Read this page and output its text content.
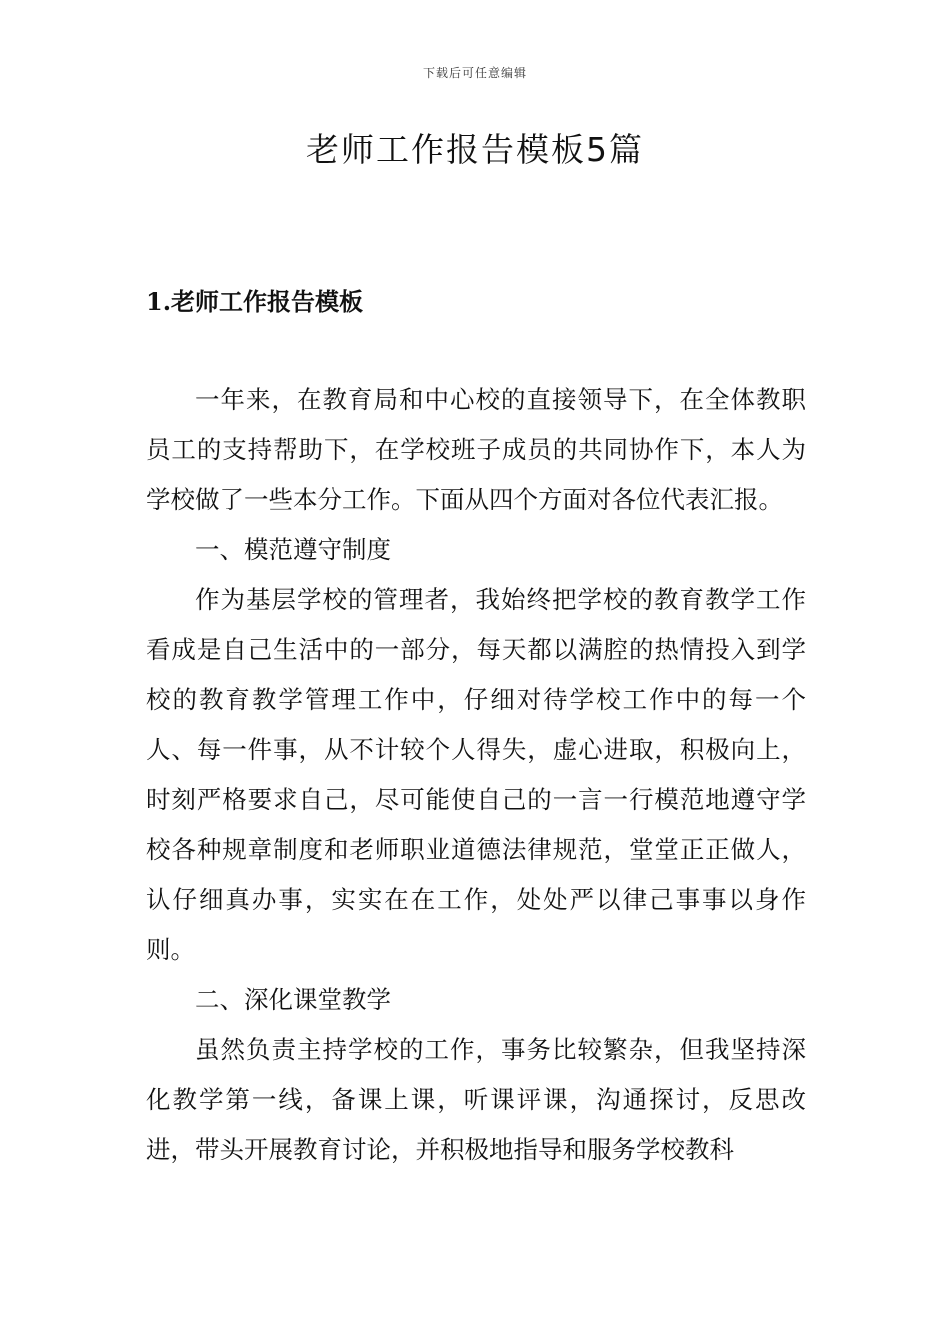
下载后可任意编辑
老师工作报告模板5篇
1.老师工作报告模板

一年来，在教育局和中心校的直接领导下，在全体教职员工的支持帮助下，在学校班子成员的共同协作下，本人为学校做了一些本分工作。下面从四个方面对各位代表汇报。

一、模范遵守制度

作为基层学校的管理者，我始终把学校的教育教学工作看成是自己生活中的一部分，每天都以满腔的热情投入到学校的教育教学管理工作中，仔细对待学校工作中的每一个人、每一件事，从不计较个人得失，虚心进取，积极向上，时刻严格要求自己，尽可能使自己的一言一行模范地遵守学校各种规章制度和老师职业道德法律规范，堂堂正正做人，认仔细真办事，实实在在工作，处处严以律己事事以身作则。

二、深化课堂教学

虽然负责主持学校的工作，事务比较繁杂，但我坚持深化教学第一线，备课上课，听课评课，沟通探讨，反思改进，带头开展教育讨论，并积极地指导和服务学校教科
